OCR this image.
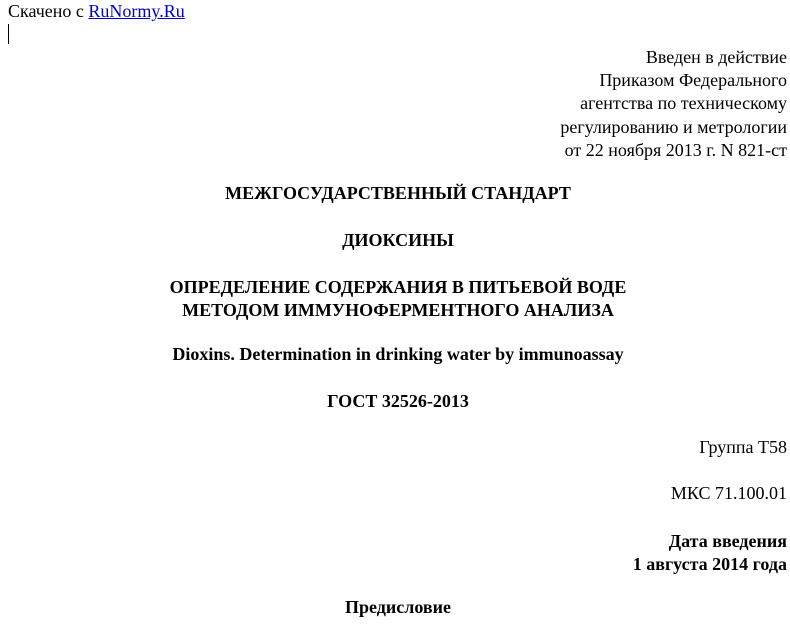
Скачено с RuNormy.Ru
Введен в действие
Приказом Федерального
агентства по техническому
регулированию и метрологии
от 22 ноября 2013 г. N 821-ст
МЕЖГОСУДАРСТВЕННЫЙ СТАНДАРТ
ДИОКСИНЫ
ОПРЕДЕЛЕНИЕ СОДЕРЖАНИЯ В ПИТЬЕВОЙ ВОДЕ
МЕТОДОМ ИММУНОФЕРМЕНТНОГО АНАЛИЗА
Dioxins. Determination in drinking water by immunoassay
ГОСТ 32526-2013
Группа Т58
МКС 71.100.01
Дата введения
1 августа 2014 года
Предисловие
